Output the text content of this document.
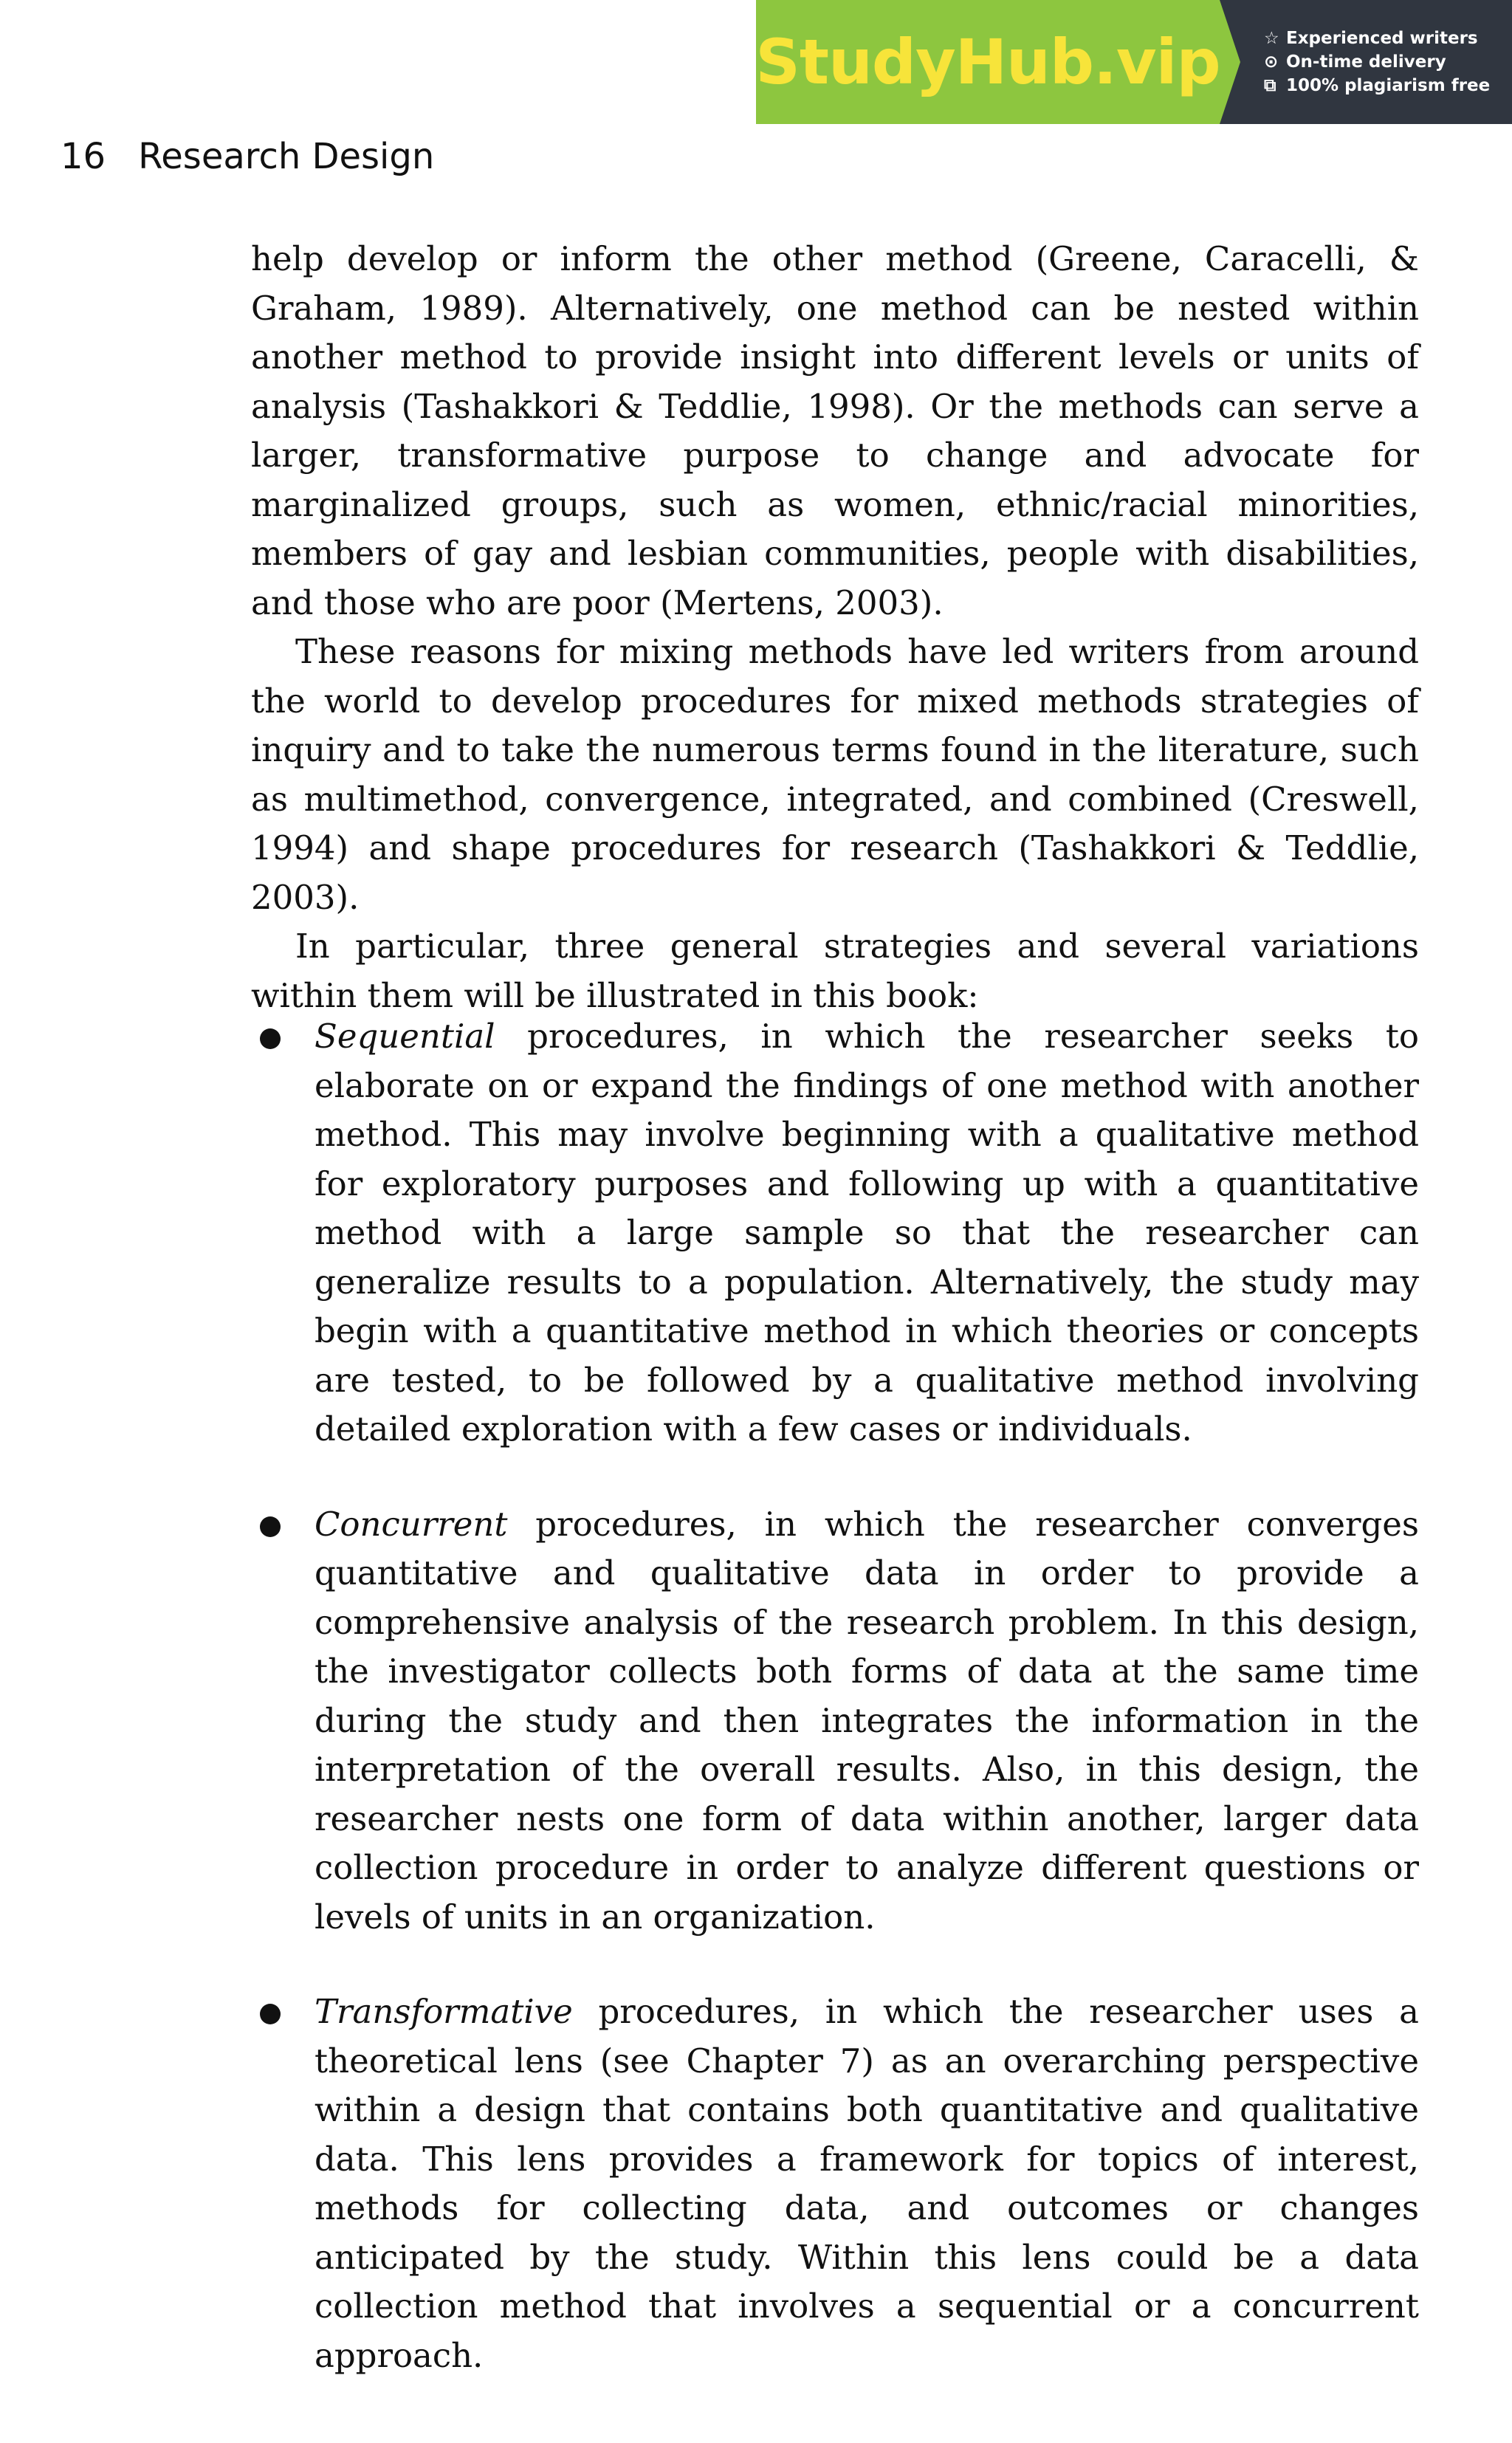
StudyHub.vip	☆ Experienced writers
⊙ On-time delivery
⧉ 100% plagiarism free
16 Research Design

help develop or inform the other method (Greene, Caracelli, & Graham, 1989). Alternatively, one method can be nested within another method to provide insight into different levels or units of analysis (Tashakkori & Teddlie, 1998). Or the methods can serve a larger, transformative purpose to change and advocate for marginalized groups, such as women, ethnic/racial minorities, members of gay and lesbian communities, people with disabilities, and those who are poor (Mertens, 2003).

These reasons for mixing methods have led writers from around the world to develop procedures for mixed methods strategies of inquiry and to take the numerous terms found in the literature, such as multimethod, convergence, integrated, and combined (Creswell, 1994) and shape procedures for research (Tashakkori & Teddlie, 2003).

In particular, three general strategies and several variations within them will be illustrated in this book:

Sequential procedures, in which the researcher seeks to elaborate on or expand the findings of one method with another method. This may involve beginning with a qualitative method for exploratory purposes and following up with a quantitative method with a large sample so that the researcher can generalize results to a population. Alternatively, the study may begin with a quantitative method in which theories or concepts are tested, to be followed by a qualitative method involving detailed exploration with a few cases or individuals.
Concurrent procedures, in which the researcher converges quantitative and qualitative data in order to provide a comprehensive analysis of the research problem. In this design, the investigator collects both forms of data at the same time during the study and then integrates the information in the interpretation of the overall results. Also, in this design, the researcher nests one form of data within another, larger data collection procedure in order to analyze different questions or levels of units in an organization.
Transformative procedures, in which the researcher uses a theoretical lens (see Chapter 7) as an overarching perspective within a design that contains both quantitative and qualitative data. This lens provides a framework for topics of interest, methods for collecting data, and outcomes or changes anticipated by the study. Within this lens could be a data collection method that involves a sequential or a concurrent approach.
